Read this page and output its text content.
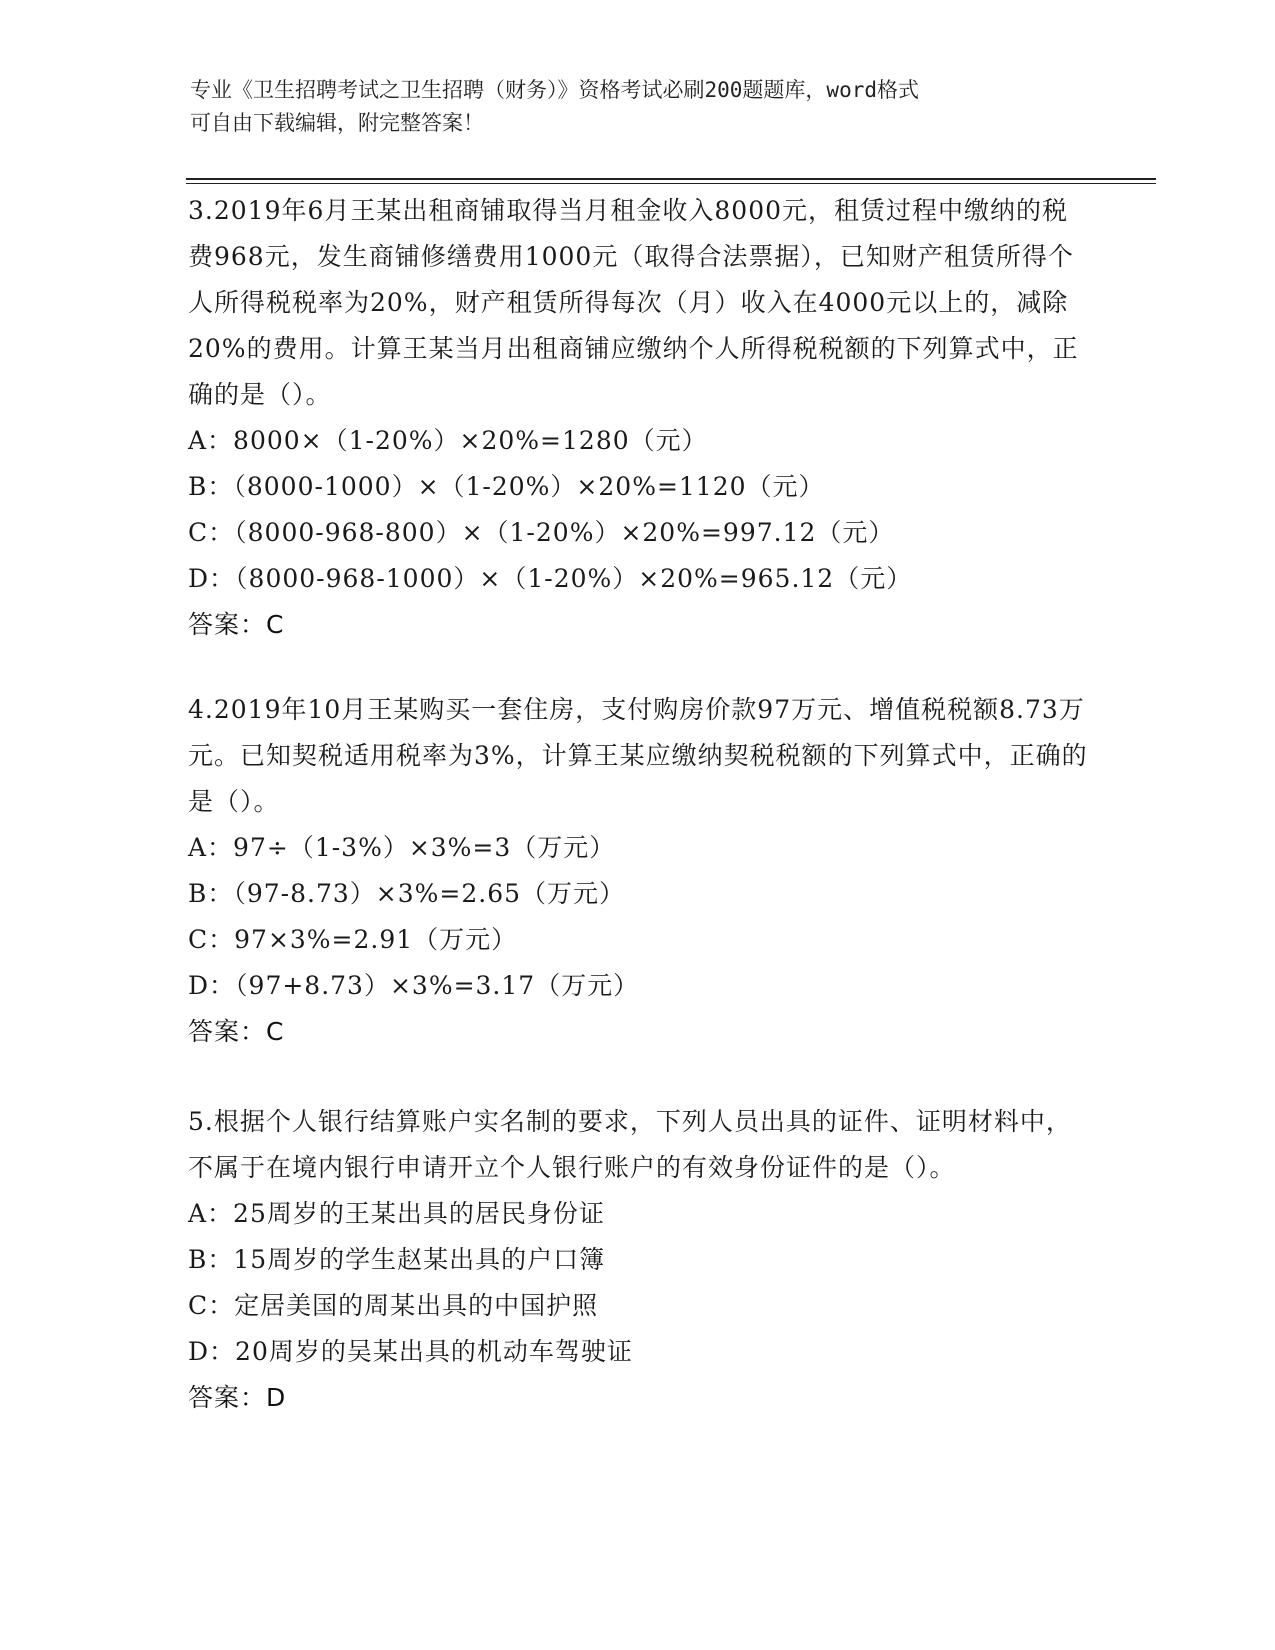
专业《卫生招聘考试之卫生招聘（财务）》资格考试必刷200题题库，word格式
可自由下载编辑，附完整答案！
3.2019年6月王某出租商铺取得当月租金收入8000元，租赁过程中缴纳的税费968元，发生商铺修缮费用1000元（取得合法票据），已知财产租赁所得个人所得税税率为20%，财产租赁所得每次（月）收入在4000元以上的，减除20%的费用。计算王某当月出租商铺应缴纳个人所得税税额的下列算式中，正确的是（）。
A：8000×（1-20%）×20%=1280（元）
B：（8000-1000）×（1-20%）×20%=1120（元）
C：（8000-968-800）×（1-20%）×20%=997.12（元）
D：（8000-968-1000）×（1-20%）×20%=965.12（元）
答案：C
4.2019年10月王某购买一套住房，支付购房价款97万元、增值税税额8.73万元。已知契税适用税率为3%，计算王某应缴纳契税税额的下列算式中，正确的是（）。
A：97÷（1-3%）×3%=3（万元）
B：（97-8.73）×3%=2.65（万元）
C：97×3%=2.91（万元）
D：（97+8.73）×3%=3.17（万元）
答案：C
5.根据个人银行结算账户实名制的要求，下列人员出具的证件、证明材料中，不属于在境内银行申请开立个人银行账户的有效身份证件的是（）。
A：25周岁的王某出具的居民身份证
B：15周岁的学生赵某出具的户口簿
C：定居美国的周某出具的中国护照
D：20周岁的吴某出具的机动车驾驶证
答案：D
